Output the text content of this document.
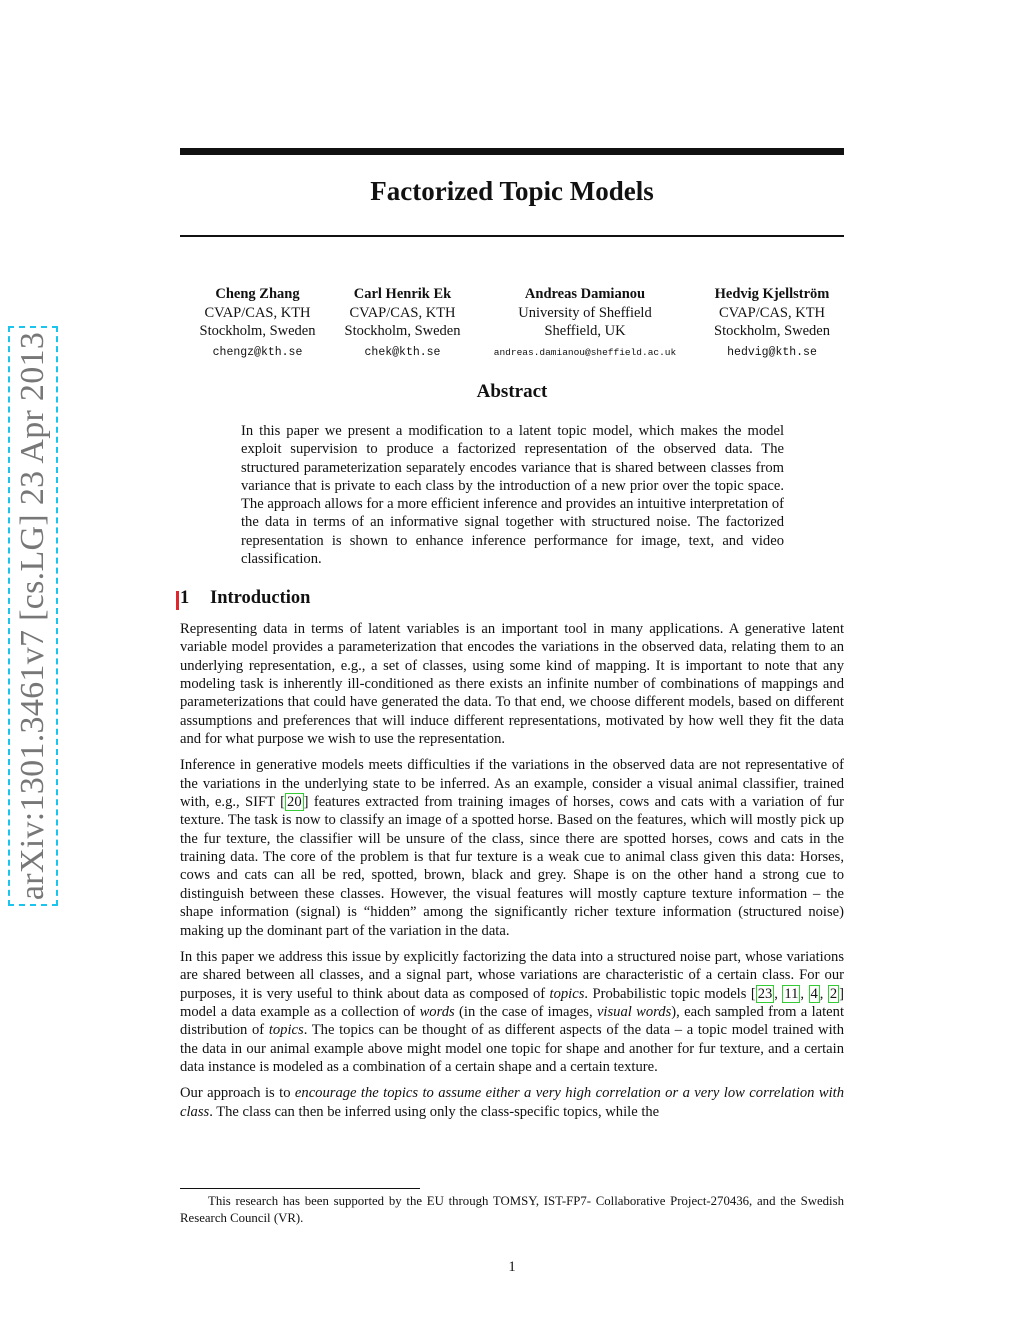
arXiv:1301.3461v7 [cs.LG] 23 Apr 2013
Factorized Topic Models
Cheng Zhang
CVAP/CAS, KTH
Stockholm, Sweden
chengz@kth.se
Carl Henrik Ek
CVAP/CAS, KTH
Stockholm, Sweden
chek@kth.se
Andreas Damianou
University of Sheffield
Sheffield, UK
andreas.damianou@sheffield.ac.uk
Hedvig Kjellström
CVAP/CAS, KTH
Stockholm, Sweden
hedvig@kth.se
Abstract
In this paper we present a modification to a latent topic model, which makes the model exploit supervision to produce a factorized representation of the observed data. The structured parameterization separately encodes variance that is shared between classes from variance that is private to each class by the introduction of a new prior over the topic space. The approach allows for a more efficient inference and provides an intuitive interpretation of the data in terms of an informative signal together with structured noise. The factorized representation is shown to enhance inference performance for image, text, and video classification.
1 Introduction

Representing data in terms of latent variables is an important tool in many applications. A generative latent variable model provides a parameterization that encodes the variations in the observed data, relating them to an underlying representation, e.g., a set of classes, using some kind of mapping. It is important to note that any modeling task is inherently ill-conditioned as there exists an infinite number of combinations of mappings and parameterizations that could have generated the data. To that end, we choose different models, based on different assumptions and preferences that will induce different representations, motivated by how well they fit the data and for what purpose we wish to use the representation.

Inference in generative models meets difficulties if the variations in the observed data are not representative of the variations in the underlying state to be inferred. As an example, consider a visual animal classifier, trained with, e.g., SIFT [ 20 ] features extracted from training images of horses, cows and cats with a variation of fur texture. The task is now to classify an image of a spotted horse. Based on the features, which will mostly pick up the fur texture, the classifier will be unsure of the class, since there are spotted horses, cows and cats in the training data. The core of the problem is that fur texture is a weak cue to animal class given this data: Horses, cows and cats can all be red, spotted, brown, black and grey. Shape is on the other hand a strong cue to distinguish between these classes. However, the visual features will mostly capture texture information – the shape information (signal) is “hidden” among the significantly richer texture information (structured noise) making up the dominant part of the variation in the data.

In this paper we address this issue by explicitly factorizing the data into a structured noise part, whose variations are shared between all classes, and a signal part, whose variations are characteristic of a certain class. For our purposes, it is very useful to think about data as composed of topics. Probabilistic topic models [ 23 , 11 , 4 , 2 ] model a data example as a collection of words (in the case of images, visual words), each sampled from a latent distribution of topics. The topics can be thought of as different aspects of the data – a topic model trained with the data in our animal example above might model one topic for shape and another for fur texture, and a certain data instance is modeled as a combination of a certain shape and a certain texture.

Our approach is to encourage the topics to assume either a very high correlation or a very low correlation with class. The class can then be inferred using only the class-specific topics, while the

This research has been supported by the EU through TOMSY, IST-FP7- Collaborative Project-270436, and the Swedish Research Council (VR).
1
